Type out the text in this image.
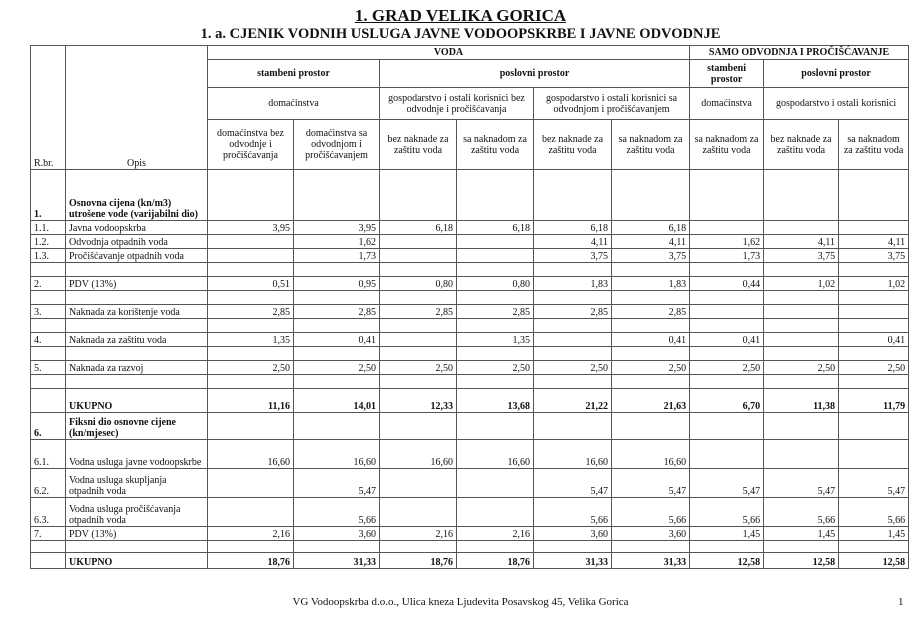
1. GRAD VELIKA GORICA
1. a. CJENIK VODNIH USLUGA JAVNE VODOOPSKRBE I JAVNE ODVODNJE
R.br.	Opis	VODA						SAMO ODVODNJA I PROČIŠĆAVANJE		
		stambeni prostor		poslovni prostor				stambeni prostor	poslovni prostor	
		domaćinstva		gospodarstvo i ostali korisnici bez odvodnje i pročišćavanja		gospodarstvo i ostali korisnici sa odvodnjom i pročišćavanjem		domaćinstva	gospodarstvo i ostali korisnici	
		domaćinstva bez odvodnje i pročišćavanja	domaćinstva sa odvodnjom i pročišćavanjem	bez naknade za zaštitu voda	sa naknadom za zaštitu voda	bez naknade za zaštitu voda	sa naknadom za zaštitu voda	sa naknadom za zaštitu voda	bez naknade za zaštitu voda	sa naknadom za zaštitu voda
1.	Osnovna cijena (kn/m3) utrošene vode (varijabilni dio)									
1.1.	Javna vodoopskrba	3,95	3,95	6,18	6,18	6,18	6,18			
1.2.	Odvodnja otpadnih voda		1,62			4,11	4,11	1,62	4,11	4,11
1.3.	Pročišćavanje otpadnih voda		1,73			3,75	3,75	1,73	3,75	3,75

2.	PDV (13%)	0,51	0,95	0,80	0,80	1,83	1,83	0,44	1,02	1,02

3.	Naknada za korištenje voda	2,85	2,85	2,85	2,85	2,85	2,85			

4.	Naknada za zaštitu voda	1,35	0,41		1,35		0,41	0,41		0,41

5.	Naknada za razvoj	2,50	2,50	2,50	2,50	2,50	2,50	2,50	2,50	2,50

	UKUPNO	11,16	14,01	12,33	13,68	21,22	21,63	6,70	11,38	11,79
6.	Fiksni dio osnovne cijene (kn/mjesec)									
6.1.	Vodna usluga javne vodoopskrbe	16,60	16,60	16,60	16,60	16,60	16,60			
6.2.	Vodna usluga skupljanja otpadnih voda		5,47			5,47	5,47	5,47	5,47	5,47
6.3.	Vodna usluga pročišćavanja otpadnih voda		5,66			5,66	5,66	5,66	5,66	5,66
7.	PDV (13%)	2,16	3,60	2,16	2,16	3,60	3,60	1,45	1,45	1,45

	UKUPNO	18,76	31,33	18,76	18,76	31,33	31,33	12,58	12,58	12,58
VG Vodoopskrba d.o.o., Ulica kneza Ljudevita Posavskog 45, Velika Gorica	1
